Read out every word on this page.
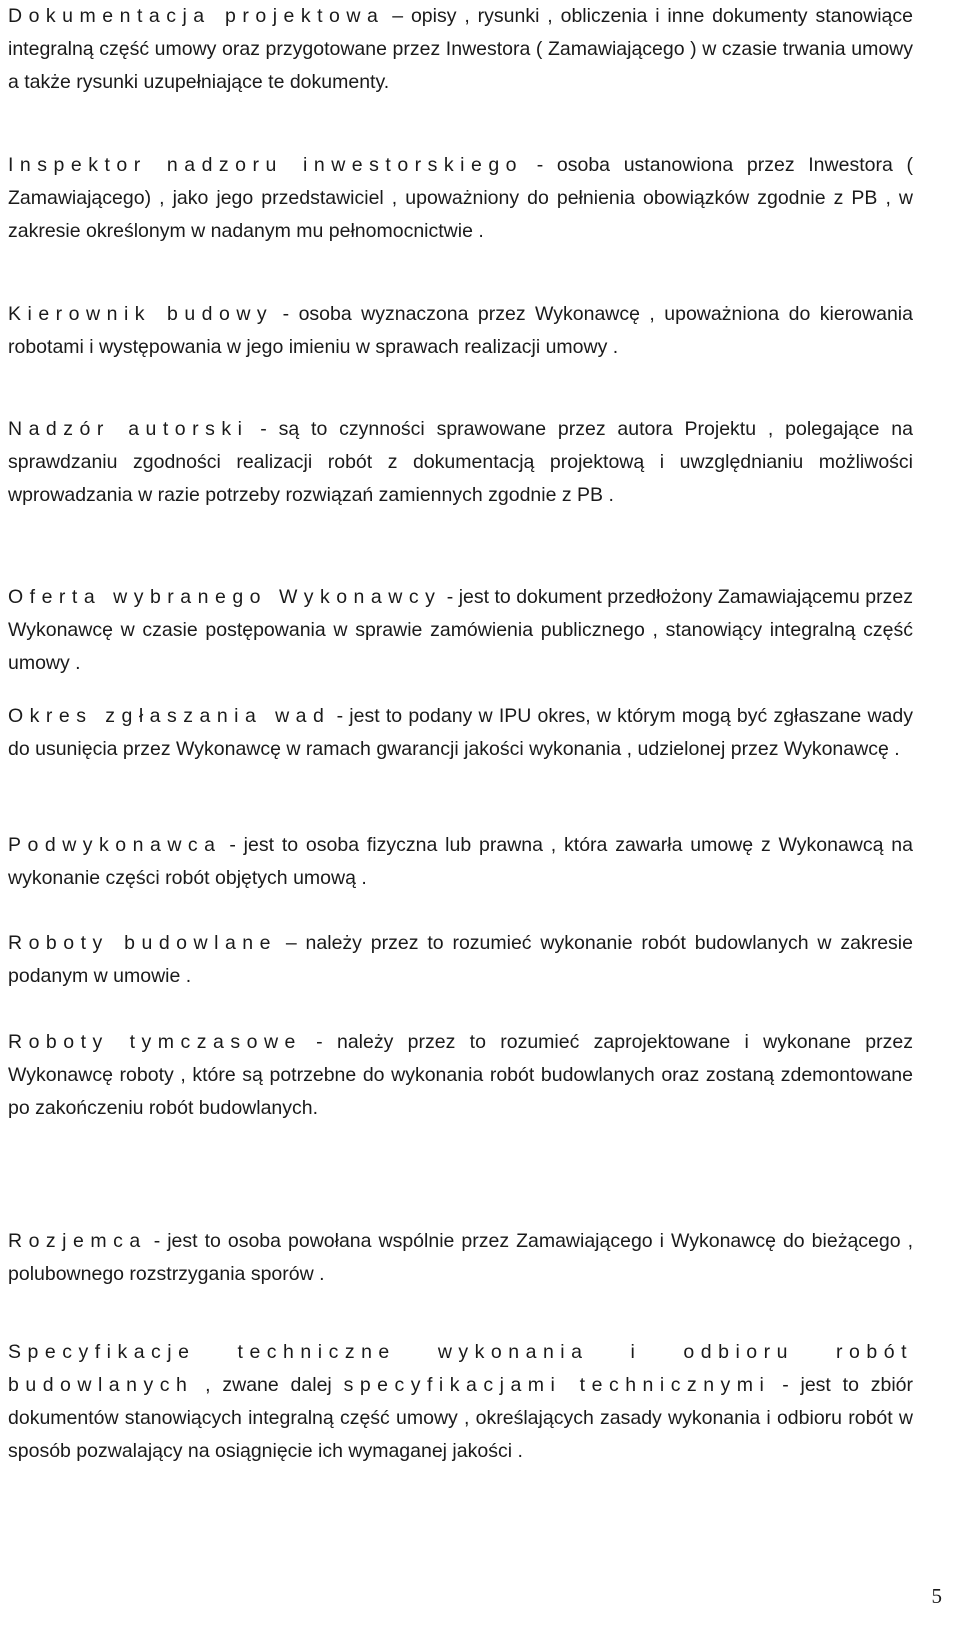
Dokumentacja projektowa – opisy , rysunki , obliczenia i inne dokumenty stanowiące integralną część umowy oraz przygotowane przez Inwestora ( Zamawiającego ) w czasie trwania umowy a także rysunki uzupełniające te dokumenty.

Inspektor nadzoru inwestorskiego - osoba ustanowiona przez Inwestora ( Zamawiającego) , jako jego przedstawiciel , upoważniony do pełnienia obowiązków zgodnie z PB , w zakresie określonym w nadanym mu pełnomocnictwie .

Kierownik budowy - osoba wyznaczona przez Wykonawcę , upoważniona do kierowania robotami i występowania w jego imieniu w sprawach realizacji umowy .

Nadzór autorski - są to czynności sprawowane przez autora Projektu , polegające na sprawdzaniu zgodności realizacji robót z dokumentacją projektową i uwzględnianiu możliwości wprowadzania w razie potrzeby rozwiązań zamiennych zgodnie z PB .

Oferta wybranego Wykonawcy - jest to dokument przedłożony Zamawiającemu przez Wykonawcę w czasie postępowania w sprawie zamówienia publicznego , stanowiący integralną część umowy .

Okres zgłaszania wad - jest to podany w IPU okres, w którym mogą być zgłaszane wady do usunięcia przez Wykonawcę w ramach gwarancji jakości wykonania , udzielonej przez Wykonawcę .

Podwykonawca - jest to osoba fizyczna lub prawna , która zawarła umowę z Wykonawcą na wykonanie części robót objętych umową .

Roboty budowlane – należy przez to rozumieć wykonanie robót budowlanych w zakresie podanym w umowie .

Roboty tymczasowe - należy przez to rozumieć zaprojektowane i wykonane przez Wykonawcę roboty , które są potrzebne do wykonania robót budowlanych oraz zostaną zdemontowane po zakończeniu robót budowlanych.

Rozjemca - jest to osoba powołana wspólnie przez Zamawiającego i Wykonawcę do bieżącego , polubownego rozstrzygania sporów .

Specyfikacje techniczne wykonania i odbioru robót budowlanych , zwane dalej specyfikacjami technicznymi - jest to zbiór dokumentów stanowiących integralną część umowy , określających zasady wykonania i odbioru robót w sposób pozwalający na osiągnięcie ich wymaganej jakości .

5
